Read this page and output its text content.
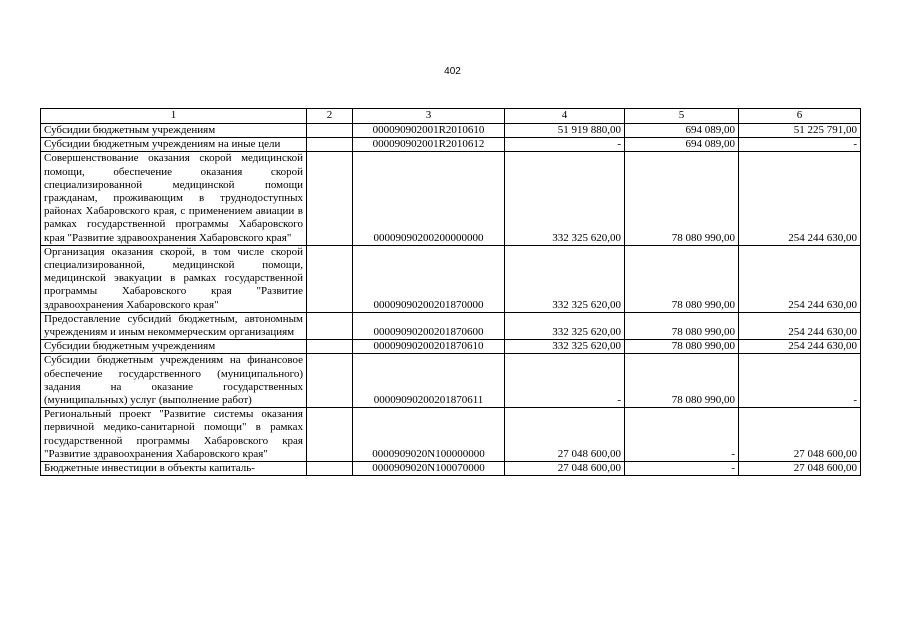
402
1	2	3	4	5	6
Субсидии бюджетным учреждениям		000090902001R2010610	51 919 880,00	694 089,00	51 225 791,00
Субсидии бюджетным учреждениям на иные цели		000090902001R2010612	-	694 089,00	-
Совершенствование оказания скорой медицинской помощи, обеспечение оказания скорой специализированной медицинской помощи гражданам, проживающим в труднодоступных районах Хабаровского края, с применением авиации в рамках государственной программы Хабаровского края "Развитие здравоохранения Хабаровского края"		00009090200200000000	332 325 620,00	78 080 990,00	254 244 630,00
Организация оказания скорой, в том числе скорой специализированной, медицинской помощи, медицинской эвакуации в рамках государственной программы Хабаровского края "Развитие здравоохранения Хабаровского края"		00009090200201870000	332 325 620,00	78 080 990,00	254 244 630,00
Предоставление субсидий бюджетным, автономным учреждениям и иным некоммерческим организациям		00009090200201870600	332 325 620,00	78 080 990,00	254 244 630,00
Субсидии бюджетным учреждениям		00009090200201870610	332 325 620,00	78 080 990,00	254 244 630,00
Субсидии бюджетным учреждениям на финансовое обеспечение государственного (муниципального) задания на оказание государственных (муниципальных) услуг (выполнение работ)		00009090200201870611	-	78 080 990,00	-
Региональный проект "Развитие системы оказания первичной медико-санитарной помощи" в рамках государственной программы Хабаровского края "Развитие здравоохранения Хабаровского края"		0000909020N100000000	27 048 600,00	-	27 048 600,00
Бюджетные инвестиции в объекты капиталь-		0000909020N100070000	27 048 600,00	-	27 048 600,00
